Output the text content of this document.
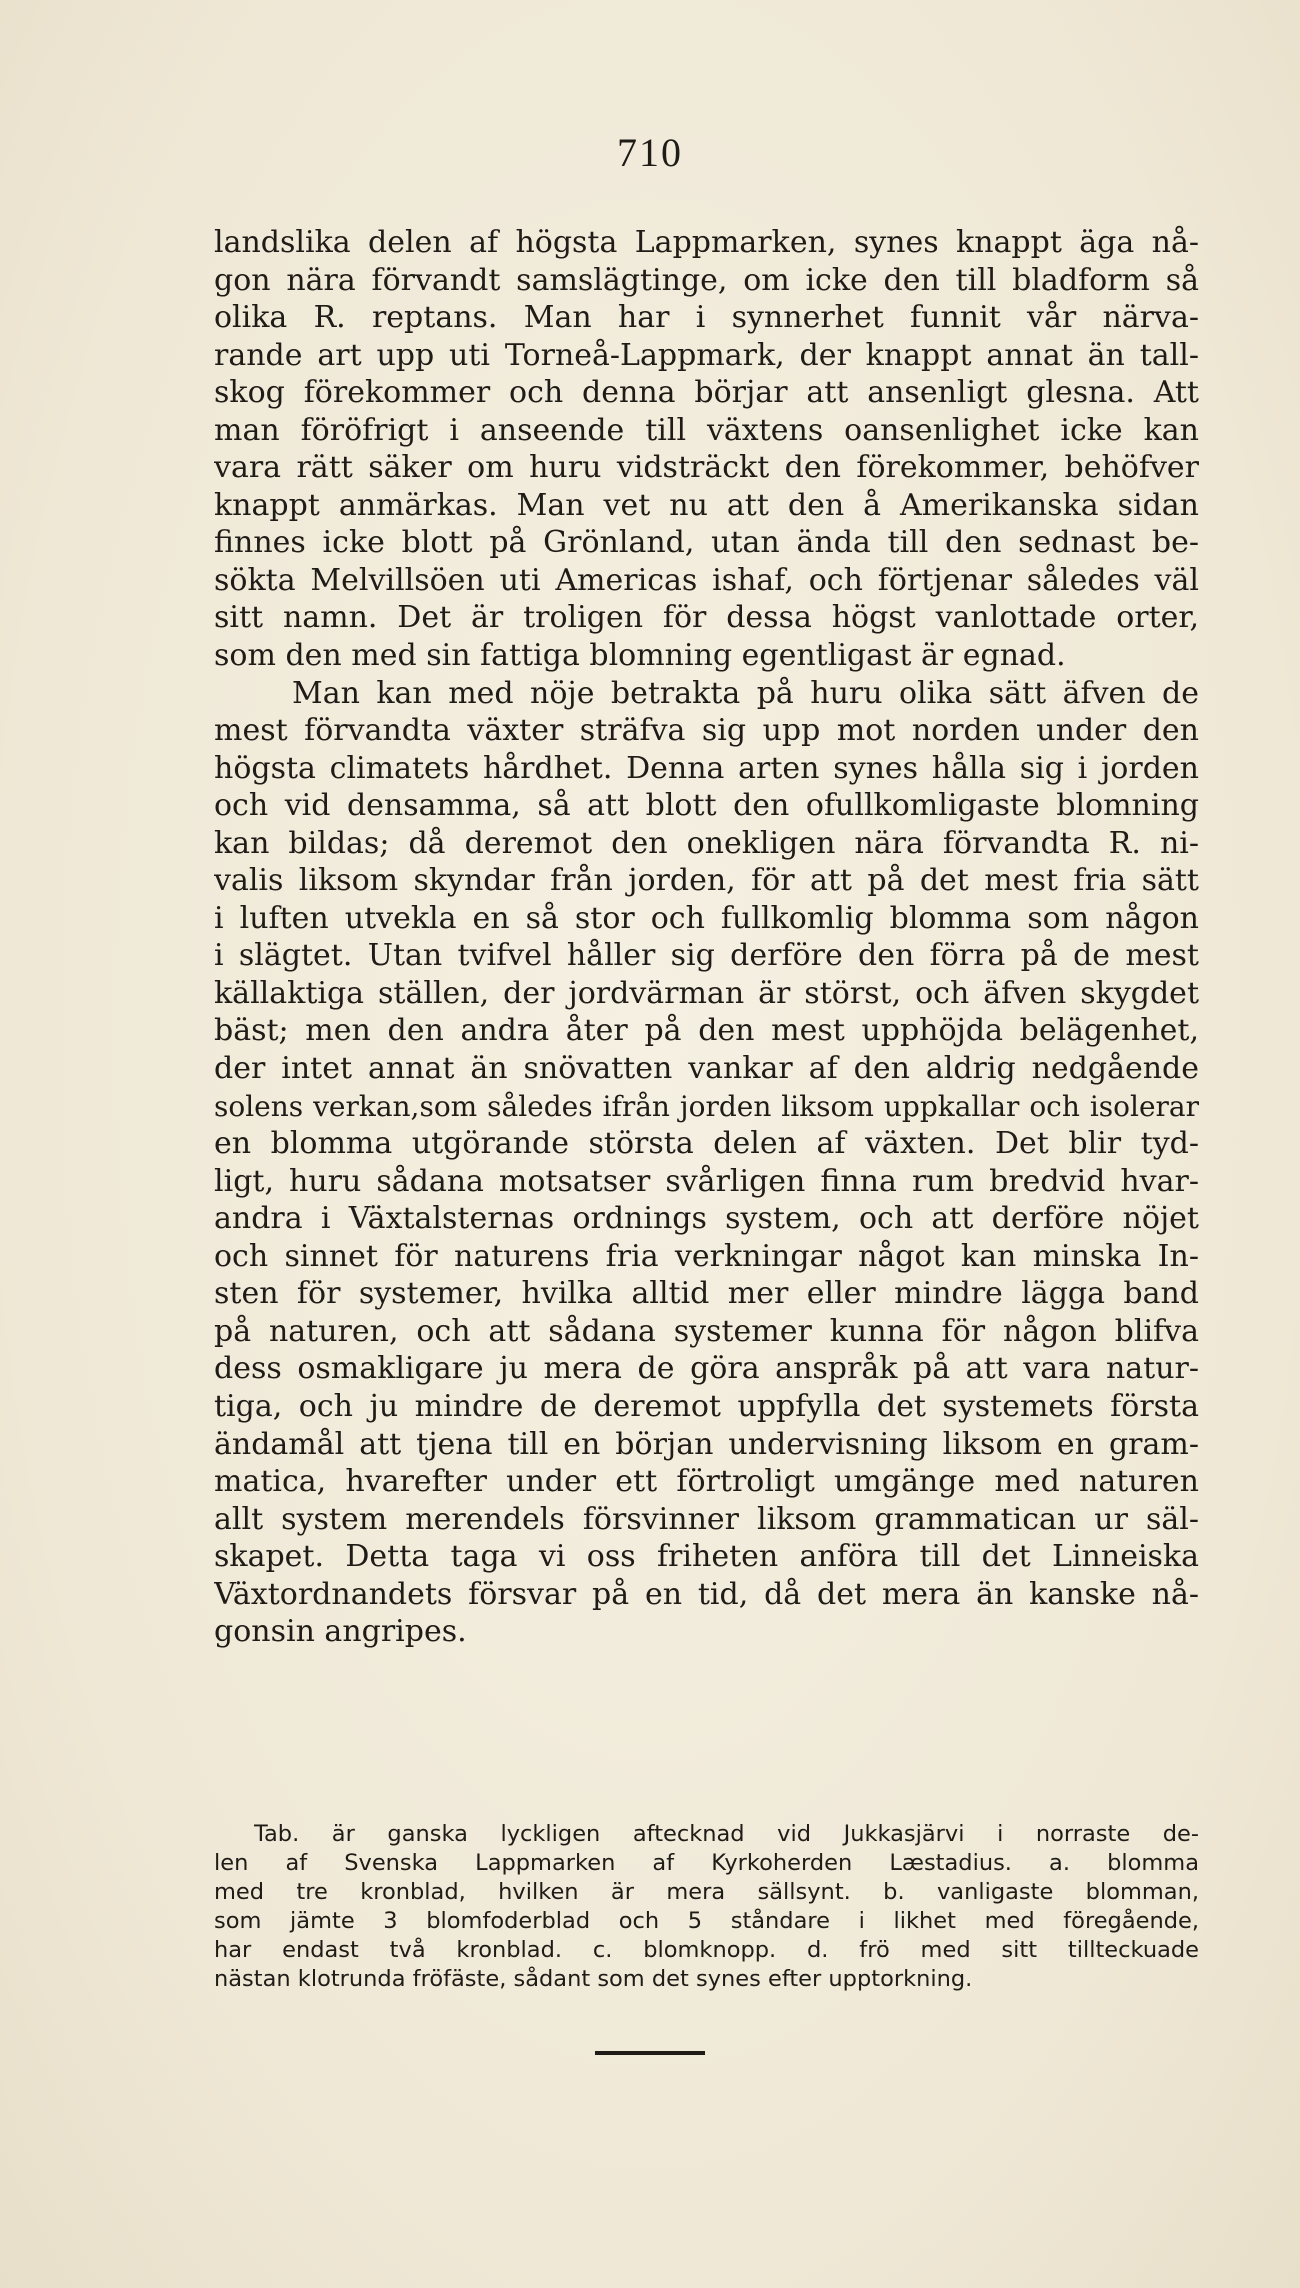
710
landslika delen af högsta Lappmarken, synes knappt äga nå-
gon nära förvandt samslägtinge, om icke den till bladform så
olika R. reptans. Man har i synnerhet funnit vår närva-
rande art upp uti Torneå-Lappmark, der knappt annat än tall-
skog förekommer och denna börjar att ansenligt glesna. Att
man föröfrigt i anseende till växtens oansenlighet icke kan
vara rätt säker om huru vidsträckt den förekommer, behöfver
knappt anmärkas. Man vet nu att den å Amerikanska sidan
finnes icke blott på Grönland, utan ända till den sednast be-
sökta Melvillsöen uti Americas ishaf, och förtjenar således väl
sitt namn. Det är troligen för dessa högst vanlottade orter,
som den med sin fattiga blomning egentligast är egnad.
Man kan med nöje betrakta på huru olika sätt äfven de
mest förvandta växter sträfva sig upp mot norden under den
högsta climatets hårdhet. Denna arten synes hålla sig i jorden
och vid densamma, så att blott den ofullkomligaste blomning
kan bildas; då deremot den onekligen nära förvandta R. ni-
valis liksom skyndar från jorden, för att på det mest fria sätt
i luften utvekla en så stor och fullkomlig blomma som någon
i slägtet. Utan tvifvel håller sig derföre den förra på de mest
källaktiga ställen, der jordvärman är störst, och äfven skygdet
bäst; men den andra åter på den mest upphöjda belägenhet,
der intet annat än snövatten vankar af den aldrig nedgående
solens verkan,som således ifrån jorden liksom uppkallar och isolerar
en blomma utgörande största delen af växten. Det blir tyd-
ligt, huru sådana motsatser svårligen finna rum bredvid hvar-
andra i Växtalsternas ordnings system, och att derföre nöjet
och sinnet för naturens fria verkningar något kan minska In-
sten för systemer, hvilka alltid mer eller mindre lägga band
på naturen, och att sådana systemer kunna för någon blifva
dess osmakligare ju mera de göra anspråk på att vara natur-
tiga, och ju mindre de deremot uppfylla det systemets första
ändamål att tjena till en början undervisning liksom en gram-
matica, hvarefter under ett förtroligt umgänge med naturen
allt system merendels försvinner liksom grammatican ur säl-
skapet. Detta taga vi oss friheten anföra till det Linneiska
Växtordnandets försvar på en tid, då det mera än kanske nå-
gonsin angripes.
Tab. är ganska lyckligen aftecknad vid Jukkasjärvi i norraste de-
len af Svenska Lappmarken af Kyrkoherden Læstadius. a. blomma
med tre kronblad, hvilken är mera sällsynt. b. vanligaste blomman,
som jämte 3 blomfoderblad och 5 ståndare i likhet med föregående,
har endast två kronblad. c. blomknopp. d. frö med sitt tillteckuade
nästan klotrunda fröfäste, sådant som det synes efter upptorkning.
